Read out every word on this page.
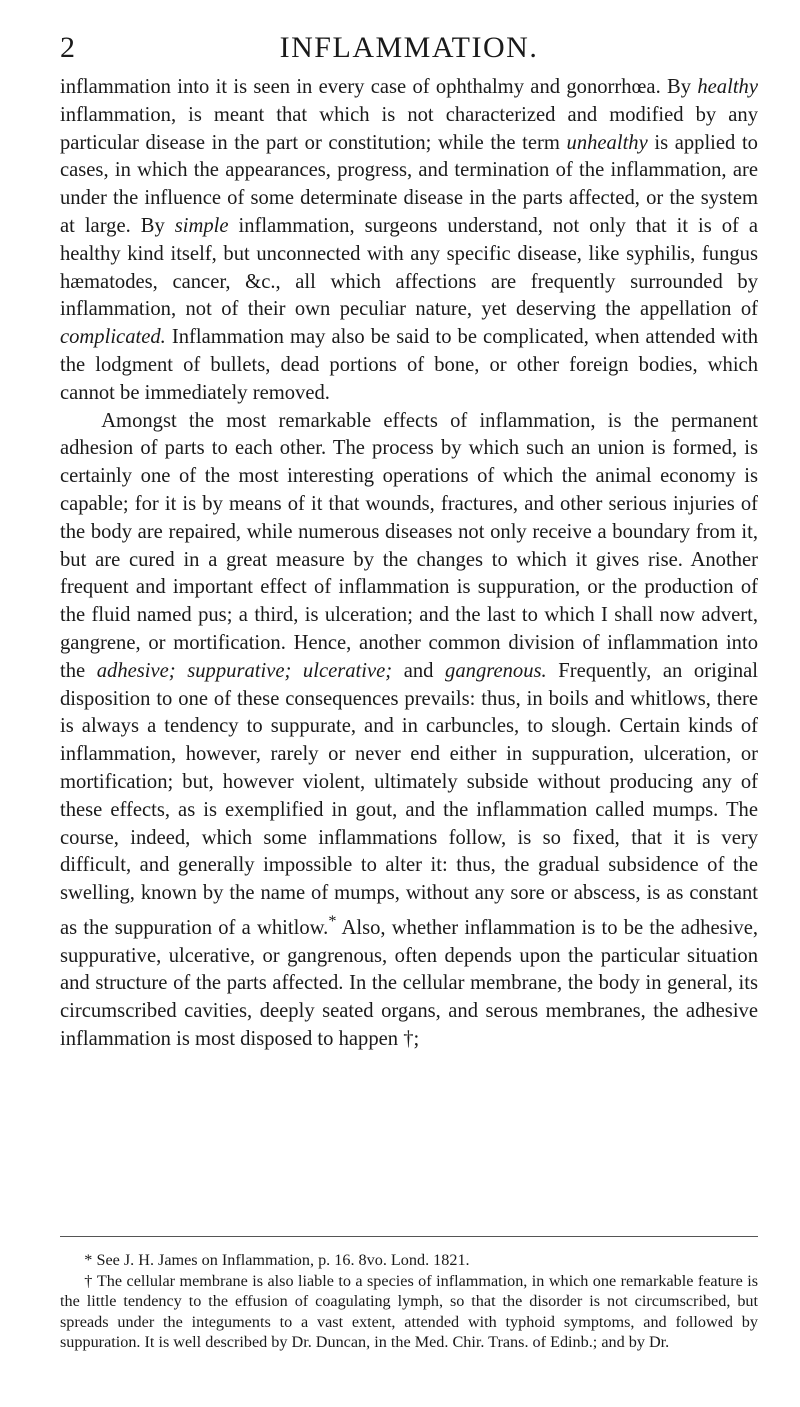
2	INFLAMMATION.

inflammation into it is seen in every case of ophthalmy and gonorrhœa. By healthy inflammation, is meant that which is not characterized and modified by any particular disease in the part or constitution; while the term unhealthy is applied to cases, in which the appearances, progress, and termination of the inflammation, are under the influence of some determinate disease in the parts affected, or the system at large. By simple inflammation, surgeons understand, not only that it is of a healthy kind itself, but unconnected with any specific disease, like syphilis, fungus hæmatodes, cancer, &c., all which affections are frequently surrounded by inflammation, not of their own peculiar nature, yet deserving the appellation of complicated. Inflammation may also be said to be complicated, when attended with the lodgment of bullets, dead portions of bone, or other foreign bodies, which cannot be immediately removed.

Amongst the most remarkable effects of inflammation, is the permanent adhesion of parts to each other. The process by which such an union is formed, is certainly one of the most interesting operations of which the animal economy is capable; for it is by means of it that wounds, fractures, and other serious injuries of the body are repaired, while numerous diseases not only receive a boundary from it, but are cured in a great measure by the changes to which it gives rise. Another frequent and important effect of inflammation is suppuration, or the production of the fluid named pus; a third, is ulceration; and the last to which I shall now advert, gangrene, or mortification. Hence, another common division of inflammation into the adhesive; suppurative; ulcerative; and gangrenous. Frequently, an original disposition to one of these consequences prevails: thus, in boils and whitlows, there is always a tendency to suppurate, and in carbuncles, to slough. Certain kinds of inflammation, however, rarely or never end either in suppuration, ulceration, or mortification; but, however violent, ultimately subside without producing any of these effects, as is exemplified in gout, and the inflammation called mumps. The course, indeed, which some inflammations follow, is so fixed, that it is very difficult, and generally impossible to alter it: thus, the gradual subsidence of the swelling, known by the name of mumps, without any sore or abscess, is as constant as the suppuration of a whitlow.* Also, whether inflammation is to be the adhesive, suppurative, ulcerative, or gangrenous, often depends upon the particular situation and structure of the parts affected. In the cellular membrane, the body in general, its circumscribed cavities, deeply seated organs, and serous membranes, the adhesive inflammation is most disposed to happen †;

* See J. H. James on Inflammation, p. 16. 8vo. Lond. 1821.

† The cellular membrane is also liable to a species of inflammation, in which one remarkable feature is the little tendency to the effusion of coagulating lymph, so that the disorder is not circumscribed, but spreads under the integuments to a vast extent, attended with typhoid symptoms, and followed by suppuration. It is well described by Dr. Duncan, in the Med. Chir. Trans. of Edinb.; and by Dr.
